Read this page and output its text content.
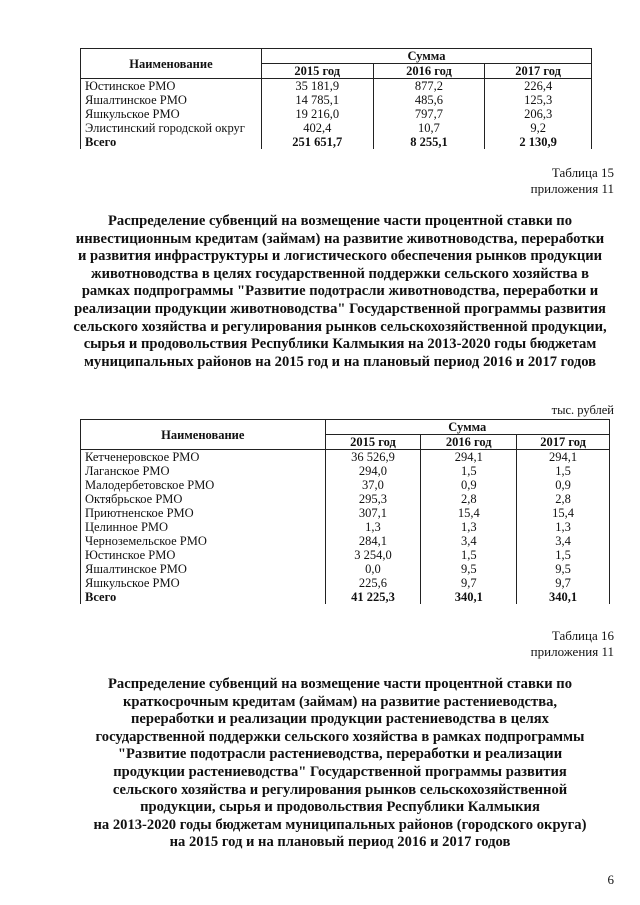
Наименование	Сумма		
	2015 год	2016 год	2017 год
Юстинское РМО	35 181,9	877,2	226,4
Яшалтинское РМО	14 785,1	485,6	125,3
Яшкульское РМО	19 216,0	797,7	206,3
Элистинский городской округ	402,4	10,7	9,2
Всего	251 651,7	8 255,1	2 130,9
Таблица 15
приложения 11
Распределение субвенций на возмещение части процентной ставки по инвестиционным кредитам (займам) на развитие животноводства, переработки и развития инфраструктуры и логистического обеспечения рынков продукции животноводства в целях государственной поддержки сельского хозяйства в рамках подпрограммы "Развитие подотрасли животноводства, переработки и реализации продукции животноводства" Государственной программы развития сельского хозяйства и регулирования рынков сельскохозяйственной продукции, сырья и продовольствия Республики Калмыкия на 2013-2020 годы бюджетам муниципальных районов на 2015 год и на плановый период 2016 и 2017 годов
тыс. рублей
Наименование	Сумма		
	2015 год	2016 год	2017 год
Кетченеровское РМО	36 526,9	294,1	294,1
Лаганское РМО	294,0	1,5	1,5
Малодербетовское РМО	37,0	0,9	0,9
Октябрьское РМО	295,3	2,8	2,8
Приютненское РМО	307,1	15,4	15,4
Целинное РМО	1,3	1,3	1,3
Черноземельское РМО	284,1	3,4	3,4
Юстинское РМО	3 254,0	1,5	1,5
Яшалтинское РМО	0,0	9,5	9,5
Яшкульское РМО	225,6	9,7	9,7
Всего	41 225,3	340,1	340,1
Таблица 16
приложения 11
Распределение субвенций на возмещение части процентной ставки по
краткосрочным кредитам (займам) на развитие растениеводства,
переработки и реализации продукции растениеводства в целях
государственной поддержки сельского хозяйства в рамках подпрограммы
"Развитие подотрасли растениеводства, переработки и реализации
продукции растениеводства" Государственной программы развития
сельского хозяйства и регулирования рынков сельскохозяйственной
продукции, сырья и продовольствия Республики Калмыкия
на 2013-2020 годы бюджетам муниципальных районов (городского округа)
на 2015 год и на плановый период 2016 и 2017 годов
6
